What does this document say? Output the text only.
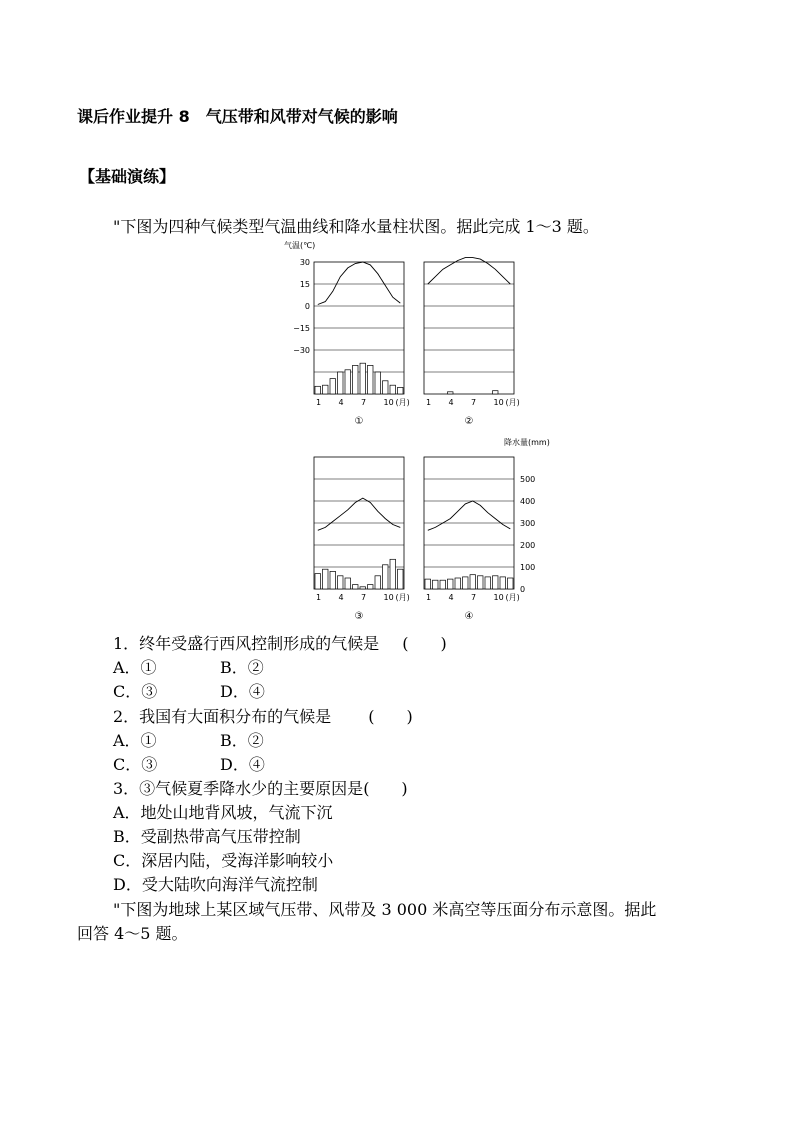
课后作业提升 8 气压带和风带对气候的影响
【基础演练】
"下图为四种气候类型气温曲线和降水量柱状图。据此完成 1～3 题。
气温(℃)
降水量(mm)
30
15
0
−15
−30
500
400
300
200
100
0
1 4 7 10 (月)
①
1 4 7 10 (月)
②
1 4 7 10 (月)
③
1 4 7 10 (月)
④
1．终年受盛行西风控制形成的气候是 (　　)
A．①	B．②
C．③	D．④
2．我国有大面积分布的气候是 (　　)
A．①	B．②
C．③	D．④
3．③气候夏季降水少的主要原因是(　　)
A．地处山地背风坡，气流下沉
B．受副热带高气压带控制
C．深居内陆，受海洋影响较小
D．受大陆吹向海洋气流控制
"下图为地球上某区域气压带、风带及 3 000 米高空等压面分布示意图。据此
回答 4～5 题。
